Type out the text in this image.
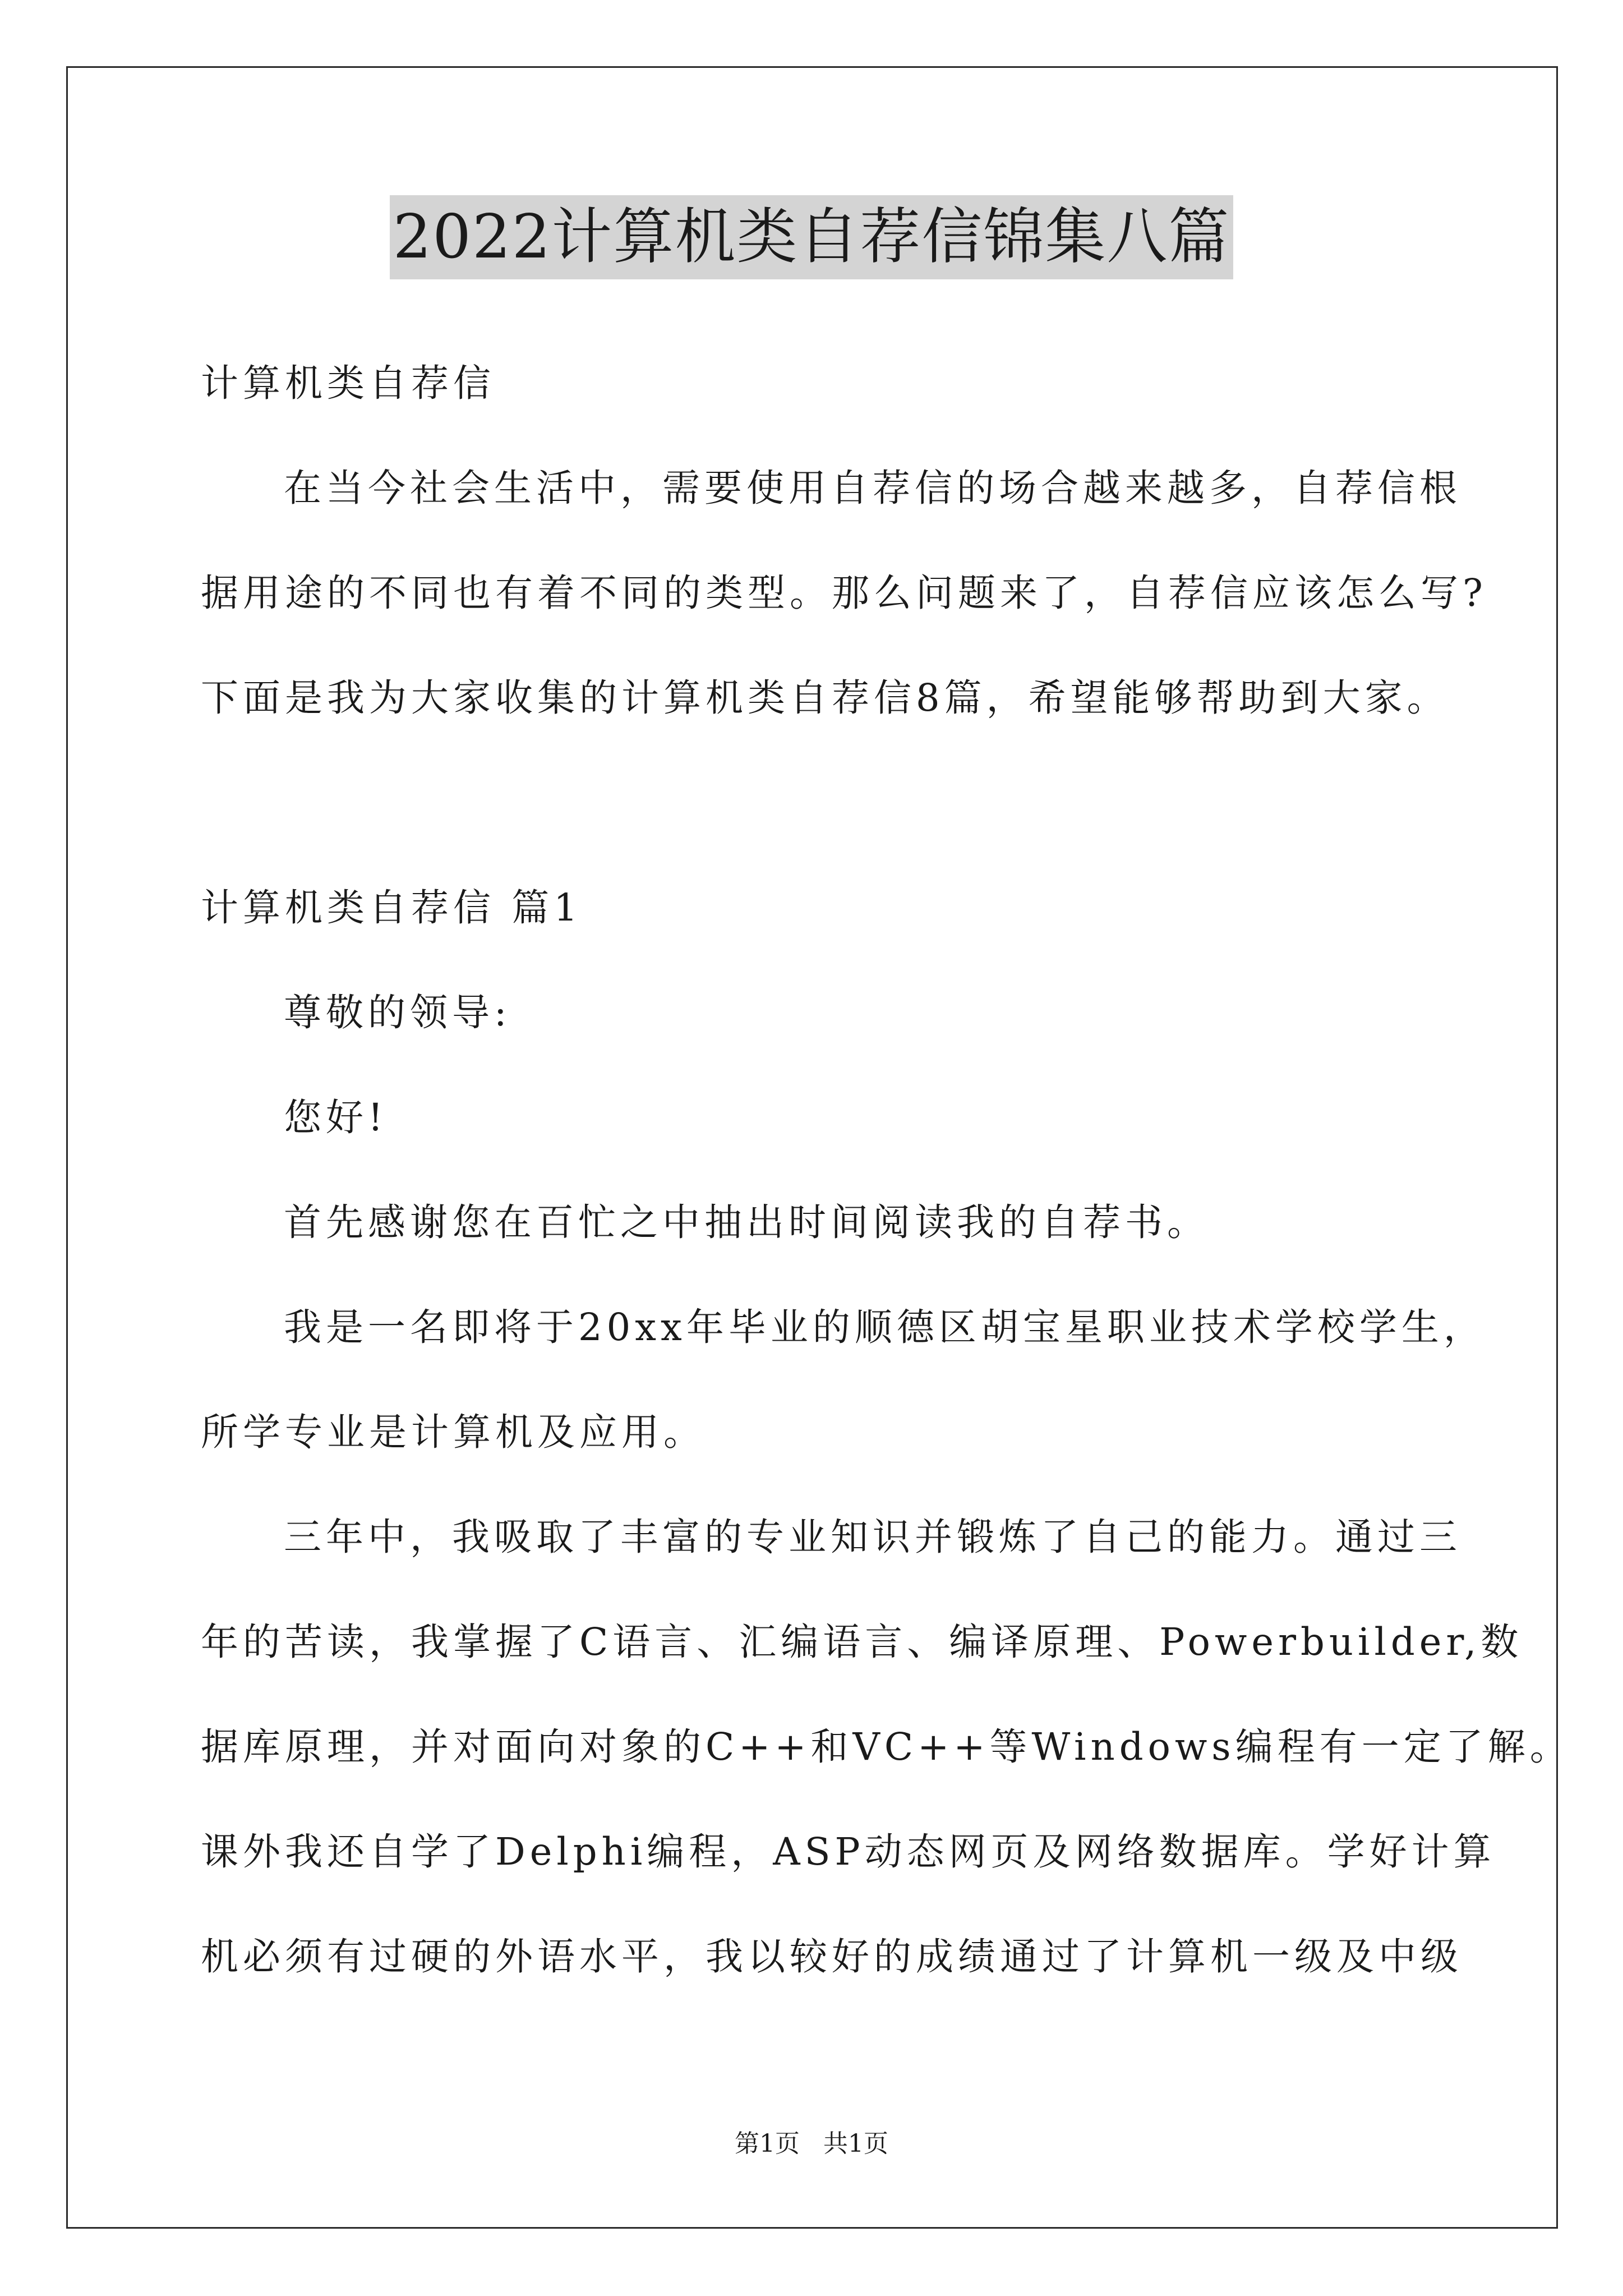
2022计算机类自荐信锦集八篇
计算机类自荐信
在当今社会生活中，需要使用自荐信的场合越来越多，自荐信根
据用途的不同也有着不同的类型。那么问题来了，自荐信应该怎么写?
下面是我为大家收集的计算机类自荐信8篇，希望能够帮助到大家。
计算机类自荐信 篇1
尊敬的领导:
您好!
首先感谢您在百忙之中抽出时间阅读我的自荐书。
我是一名即将于20xx年毕业的顺德区胡宝星职业技术学校学生，
所学专业是计算机及应用。
三年中，我吸取了丰富的专业知识并锻炼了自己的能力。通过三
年的苦读，我掌握了C语言、汇编语言、编译原理、Powerbuilder,数
据库原理，并对面向对象的C++和VC++等Windows编程有一定了解。
课外我还自学了Delphi编程，ASP动态网页及网络数据库。学好计算
机必须有过硬的外语水平，我以较好的成绩通过了计算机一级及中级
第1页   共1页
